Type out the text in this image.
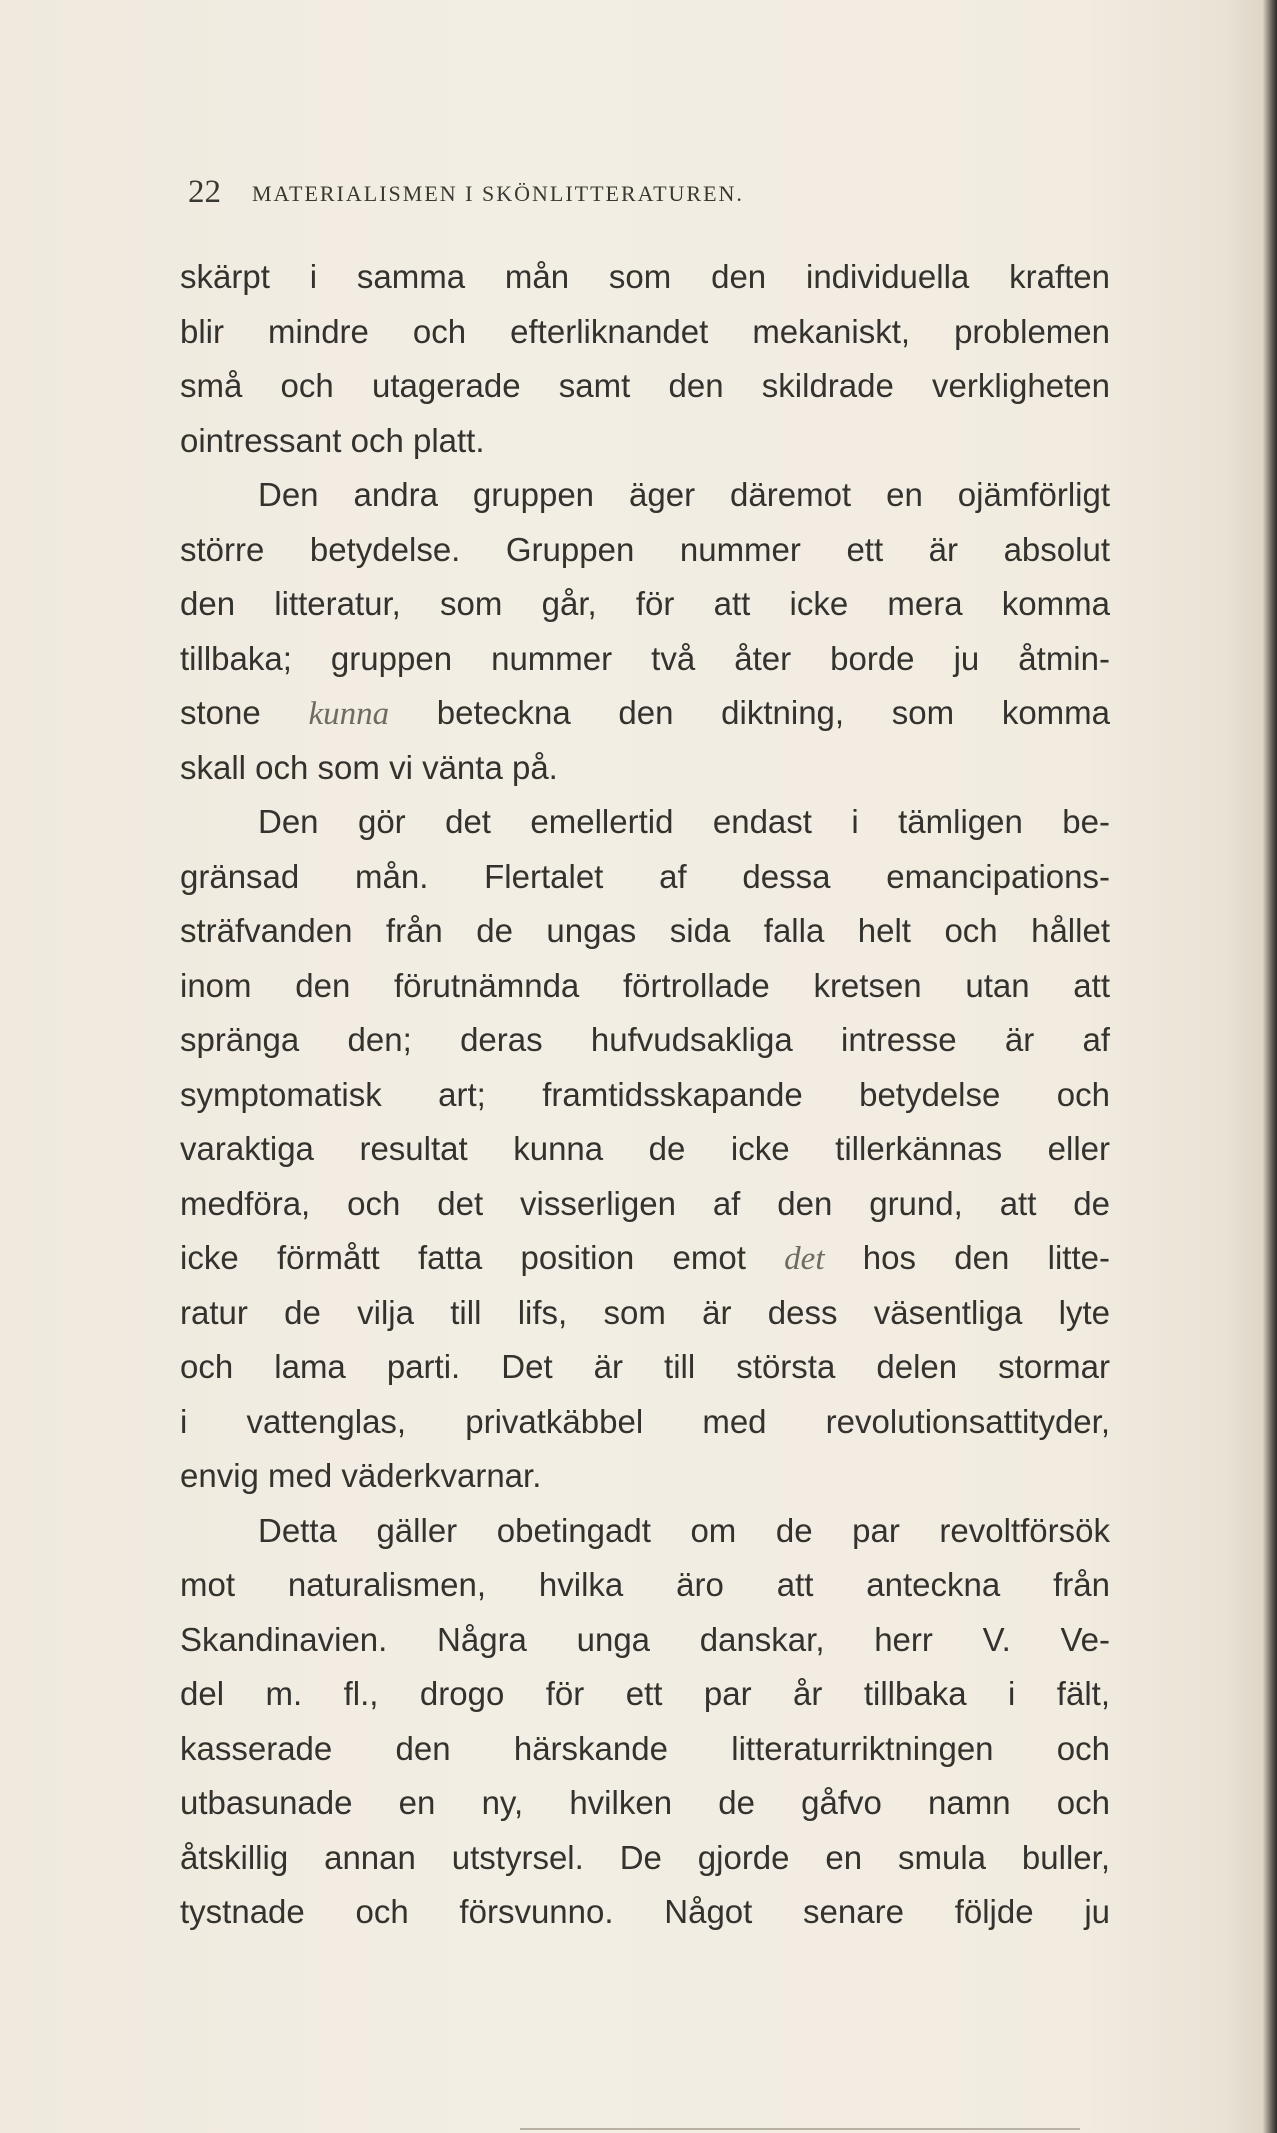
22 MATERIALISMEN I SKÖNLITTERATUREN.
skärpt i samma mån som den individuella kraften
blir mindre och efterliknandet mekaniskt, problemen
små och utagerade samt den skildrade verkligheten
ointressant och platt.
Den andra gruppen äger däremot en ojämförligt
större betydelse. Gruppen nummer ett är absolut
den litteratur, som går, för att icke mera komma
tillbaka; gruppen nummer två åter borde ju åtmin-
stone kunna beteckna den diktning, som komma
skall och som vi vänta på.
Den gör det emellertid endast i tämligen be-
gränsad mån. Flertalet af dessa emancipations-
sträfvanden från de ungas sida falla helt och hållet
inom den förutnämnda förtrollade kretsen utan att
spränga den; deras hufvudsakliga intresse är af
symptomatisk art; framtidsskapande betydelse och
varaktiga resultat kunna de icke tillerkännas eller
medföra, och det visserligen af den grund, att de
icke förmått fatta position emot det hos den litte-
ratur de vilja till lifs, som är dess väsentliga lyte
och lama parti. Det är till största delen stormar
i vattenglas, privatkäbbel med revolutionsattityder,
envig med väderkvarnar.
Detta gäller obetingadt om de par revoltförsök
mot naturalismen, hvilka äro att anteckna från
Skandinavien. Några unga danskar, herr V. Ve-
del m. fl., drogo för ett par år tillbaka i fält,
kasserade den härskande litteraturriktningen och
utbasunade en ny, hvilken de gåfvo namn och
åtskillig annan utstyrsel. De gjorde en smula buller,
tystnade och försvunno. Något senare följde ju
